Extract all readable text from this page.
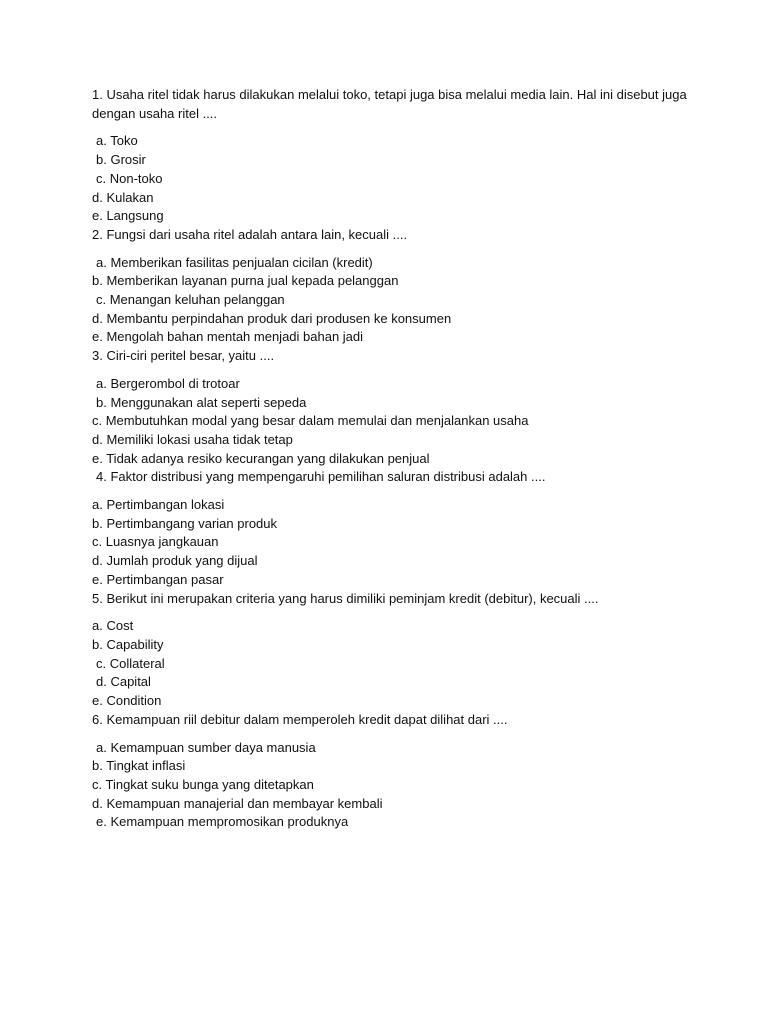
1. Usaha ritel tidak harus dilakukan melalui toko, tetapi juga bisa melalui media lain. Hal ini disebut juga dengan usaha ritel ....
a. Toko
b. Grosir
c. Non-toko
d. Kulakan
e. Langsung
2. Fungsi dari usaha ritel adalah antara lain, kecuali ....
a. Memberikan fasilitas penjualan cicilan (kredit)
b. Memberikan layanan purna jual kepada pelanggan
c. Menangan keluhan pelanggan
d. Membantu perpindahan produk dari produsen ke konsumen
e. Mengolah bahan mentah menjadi bahan jadi
3. Ciri-ciri peritel besar, yaitu ....
a. Bergerombol di trotoar
b. Menggunakan alat seperti sepeda
c. Membutuhkan modal yang besar dalam memulai dan menjalankan usaha
d. Memiliki lokasi usaha tidak tetap
e. Tidak adanya resiko kecurangan yang dilakukan penjual
4. Faktor distribusi yang mempengaruhi pemilihan saluran distribusi adalah ....
a. Pertimbangan lokasi
b. Pertimbangang varian produk
c. Luasnya jangkauan
d. Jumlah produk yang dijual
e. Pertimbangan pasar
5. Berikut ini merupakan criteria yang harus dimiliki peminjam kredit (debitur), kecuali ....
a. Cost
b. Capability
c. Collateral
d. Capital
e. Condition
6. Kemampuan riil debitur dalam memperoleh kredit dapat dilihat dari ....
a. Kemampuan sumber daya manusia
b. Tingkat inflasi
c. Tingkat suku bunga yang ditetapkan
d. Kemampuan manajerial dan membayar kembali
e. Kemampuan mempromosikan produknya
